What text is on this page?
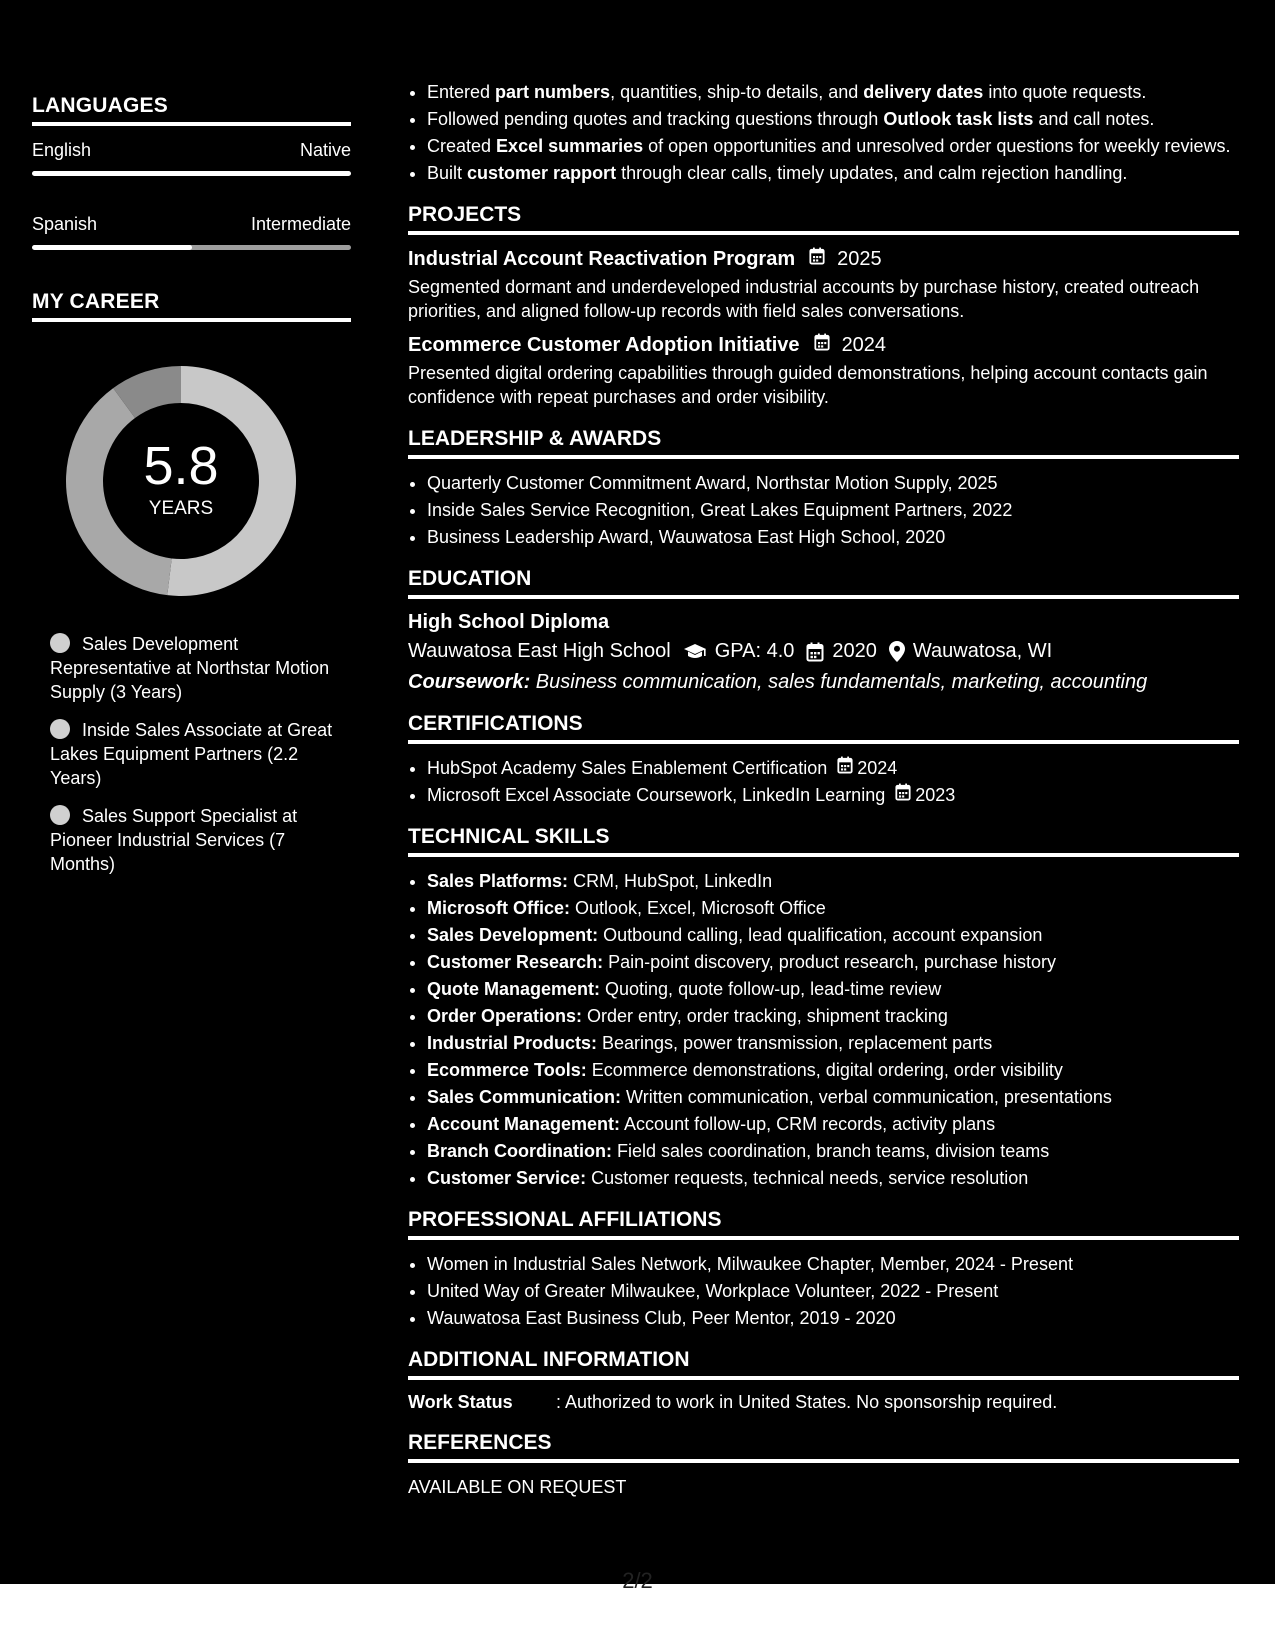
LANGUAGES
English	Native
Spanish	Intermediate
MY CAREER
5.8
YEARS
Sales Development Representative at Northstar Motion Supply (3 Years)
Inside Sales Associate at Great Lakes Equipment Partners (2.2 Years)
Sales Support Specialist at Pioneer Industrial Services (7 Months)
• Entered part numbers, quantities, ship-to details, and delivery dates into quote requests.
• Followed pending quotes and tracking questions through Outlook task lists and call notes.
• Created Excel summaries of open opportunities and unresolved order questions for weekly reviews.
• Built customer rapport through clear calls, timely updates, and calm rejection handling.
PROJECTS
Industrial Account Reactivation Program 2025
Segmented dormant and underdeveloped industrial accounts by purchase history, created outreach priorities, and aligned follow-up records with field sales conversations.
Ecommerce Customer Adoption Initiative 2024
Presented digital ordering capabilities through guided demonstrations, helping account contacts gain confidence with repeat purchases and order visibility.
LEADERSHIP & AWARDS
• Quarterly Customer Commitment Award, Northstar Motion Supply, 2025
• Inside Sales Service Recognition, Great Lakes Equipment Partners, 2022
• Business Leadership Award, Wauwatosa East High School, 2020
EDUCATION
High School Diploma
Wauwatosa East High School GPA: 4.0 2020 Wauwatosa, WI
Coursework: Business communication, sales fundamentals, marketing, accounting
CERTIFICATIONS
• HubSpot Academy Sales Enablement Certification 2024
• Microsoft Excel Associate Coursework, LinkedIn Learning 2023
TECHNICAL SKILLS
• Sales Platforms: CRM, HubSpot, LinkedIn
• Microsoft Office: Outlook, Excel, Microsoft Office
• Sales Development: Outbound calling, lead qualification, account expansion
• Customer Research: Pain-point discovery, product research, purchase history
• Quote Management: Quoting, quote follow-up, lead-time review
• Order Operations: Order entry, order tracking, shipment tracking
• Industrial Products: Bearings, power transmission, replacement parts
• Ecommerce Tools: Ecommerce demonstrations, digital ordering, order visibility
• Sales Communication: Written communication, verbal communication, presentations
• Account Management: Account follow-up, CRM records, activity plans
• Branch Coordination: Field sales coordination, branch teams, division teams
• Customer Service: Customer requests, technical needs, service resolution
PROFESSIONAL AFFILIATIONS
• Women in Industrial Sales Network, Milwaukee Chapter, Member, 2024 - Present
• United Way of Greater Milwaukee, Workplace Volunteer, 2022 - Present
• Wauwatosa East Business Club, Peer Mentor, 2019 - 2020
ADDITIONAL INFORMATION
Work Status	: Authorized to work in United States. No sponsorship required.
REFERENCES
AVAILABLE ON REQUEST
2/2
